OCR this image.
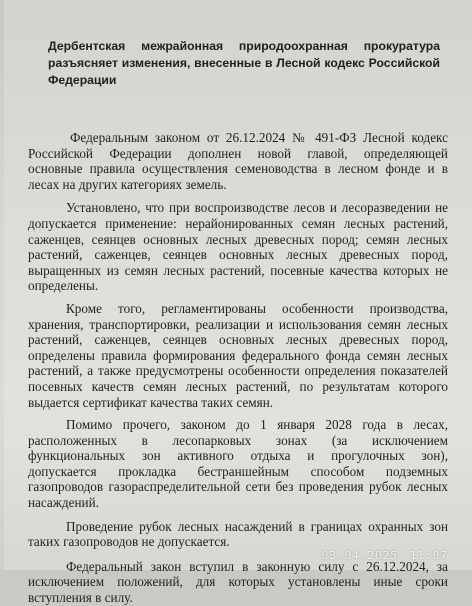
Дербентская межрайонная природоохранная прокуратура
разъясняет изменения, внесенные в Лесной кодекс Российской
Федерации
Федеральным законом от 26.12.2024 № 491-ФЗ Лесной кодекс
Российской Федерации дополнен новой главой, определяющей
основные правила осуществления семеноводства в лесном фонде и в
лесах на других категориях земель.
Установлено, что при воспроизводстве лесов и лесоразведении не
допускается применение: нерайонированных семян лесных растений,
саженцев, сеянцев основных лесных древесных пород; семян лесных
растений, саженцев, сеянцев основных лесных древесных пород,
выращенных из семян лесных растений, посевные качества которых не
определены.
Кроме того, регламентированы особенности производства,
хранения, транспортировки, реализации и использования семян лесных
растений, саженцев, сеянцев основных лесных древесных пород,
определены правила формирования федерального фонда семян лесных
растений, а также предусмотрены особенности определения показателей
посевных качеств семян лесных растений, по результатам которого
выдается сертификат качества таких семян.
Помимо прочего, законом до 1 января 2028 года в лесах,
расположенных в лесопарковых зонах (за исключением
функциональных зон активного отдыха и прогулочных зон),
допускается прокладка бестраншейным способом подземных
газопроводов газораспределительной сети без проведения рубок лесных
насаждений.
Проведение рубок лесных насаждений в границах охранных зон
таких газопроводов не допускается.
Федеральный закон вступил в законную силу с 26.12.2024, за
исключением положений, для которых установлены иные сроки
вступления в силу.
03.04.2025 11:07
